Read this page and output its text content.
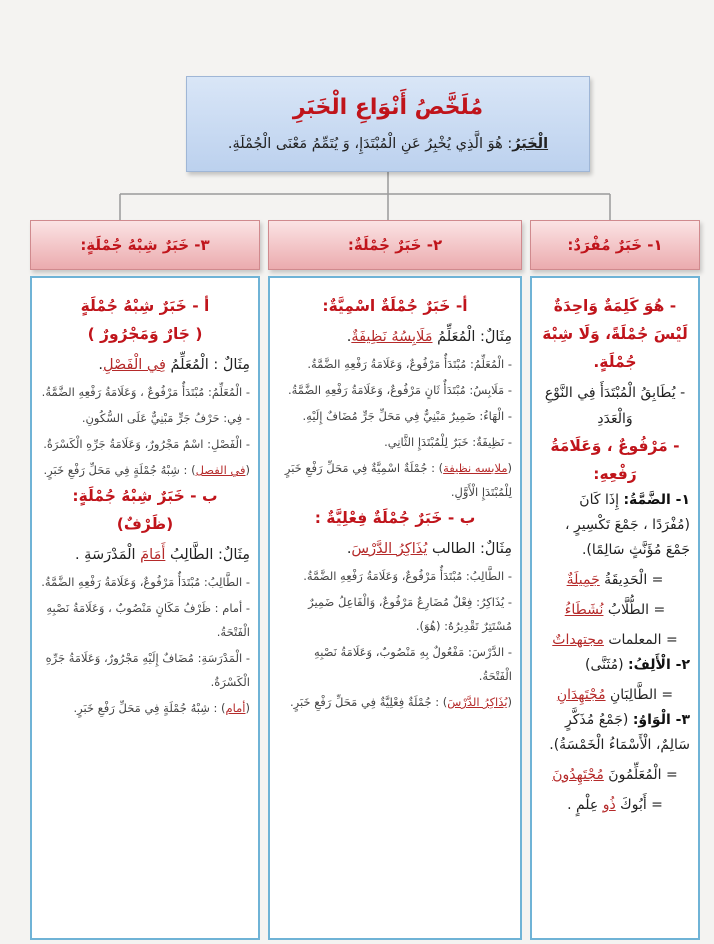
مُلَخَّصُ أَنْوَاعِ الْخَبَرِ
الْخَبَرُ: هُوَ الَّذِي يُخْبِرُ عَنِ الْمُبْتَدَإِ، وَ يُتَمِّمُ مَعْنَى الْجُمْلَةِ.
١- خَبَرٌ مُفْرَدٌ:
٢- خَبَرٌ جُمْلَةٌ:
٣- خَبَرٌ شِبْهُ جُمْلَةٍ:

- هُوَ كَلِمَةٌ وَاحِدَةٌ لَيْسَ جُمْلَةً، وَلَا شِبْهَ جُمْلَةٍ.

- يُطَابِقُ الْمُبْتَدَأَ فِي النَّوْعِ وَالْعَدَدِ

- مَرْفُوعٌ ، وَعَلَامَةُ رَفْعِهِ:

١- الضَّمَّةُ: إِذَا كَانَ (مُفْرَدًا ، جَمْعَ تَكْسِيرٍ ، جَمْعَ مُؤَنَّثٍ سَالِمًا).

= الْحَدِيقَةُ جَمِيلَةٌ

= الطُّلَّابُ نُشَطَاءُ

= المعلمات مجتهداتٌ

٢- الْأَلِفُ: (مُثَنَّى)

= الطَّالِبَانِ مُجْتَهِدَانِ

٣- الْوَاوُ: (جَمْعُ مُذَكَّرٍ سَالِمٌ، الْأَسْمَاءُ الْخَمْسَةُ).

= الْمُعَلِّمُونَ مُجْتَهِدُونَ

= أَبُوكَ ذُو عِلْمٍ .

أ- خَبَرٌ جُمْلَةٌ اسْمِيَّةٌ:

مِثَالٌ: الْمُعَلِّمُ مَلَابِسُهُ نَظِيفَةٌ.

- الْمُعَلِّمُ: مُبْتَدَأٌ مَرْفُوعٌ، وَعَلَامَةُ رَفْعِهِ الضَّمَّةُ.

- مَلَابِسُ: مُبْتَدَأٌ ثَانٍ مَرْفُوعٌ، وَعَلَامَةُ رَفْعِهِ الضَّمَّةُ.

- الْهَاءُ: ضَمِيرٌ مَبْنِيٌّ فِي مَحَلِّ جَرٍّ مُضَافٌ إِلَيْهِ.

- نَظِيفَةٌ: خَبَرٌ لِلْمُبْتَدَإِ الثَّانِي.

(ملابسه نظيفة) : جُمْلَةٌ اسْمِيَّةٌ فِي مَحَلِّ رَفْعِ خَبَرٍ لِلْمُبْتَدَإِ الْأَوَّلِ.

ب - خَبَرٌ جُمْلَةٌ فِعْلِيَّةٌ :

مِثَالٌ: الطالب يُذَاكِرُ الدَّرْسَ.

- الطَّالِبُ: مُبْتَدَأٌ مَرْفُوعٌ، وَعَلَامَةُ رَفْعِهِ الضَّمَّةُ.

- يُذَاكِرُ: فِعْلٌ مُضَارِعٌ مَرْفُوعٌ، وَالْفَاعِلُ ضَمِيرٌ مُسْتَتِرٌ تَقْدِيرُهُ: (هُوَ).

- الدَّرْسَ: مَفْعُولٌ بِهِ مَنْصُوبٌ، وَعَلَامَةُ نَصْبِهِ الْفَتْحَةُ.

(يُذَاكِرُ الدَّرْسَ) : جُمْلَةٌ فِعْلِيَّةٌ فِي مَحَلِّ رَفْعِ خَبَرٍ.

أ - خَبَرٌ شِبْهُ جُمْلَةٍ

( جَارٌ وَمَجْرُورٌ )

مِثَالٌ : الْمُعَلِّمُ فِي الْفَصْلِ.

- الْمُعَلِّمُ: مُبْتَدَأٌ مَرْفُوعٌ ، وَعَلَامَةُ رَفْعِهِ الضَّمَّةُ.

- فِي: حَرْفُ جَرٍّ مَبْنِيٌّ عَلَى السُّكُونِ.

- الْفَصْلِ: اسْمٌ مَجْرُورٌ، وَعَلَامَةُ جَرِّهِ الْكَسْرَةُ.

(في الفصل) : شِبْهُ جُمْلَةٍ فِي مَحَلِّ رَفْعِ خَبَرٍ.

ب - خَبَرٌ شِبْهُ جُمْلَةٍ:

(ظَرْفٌ)

مِثَالٌ: الطَّالِبُ أَمَامَ الْمَدْرَسَةِ .

- الطَّالِبُ: مُبْتَدَأٌ مَرْفُوعٌ، وَعَلَامَةُ رَفْعِهِ الضَّمَّةُ.

- أمام : ظَرْفُ مَكَانٍ مَنْصُوبٌ ، وَعَلَامَةُ نَصْبِهِ الْفَتْحَةُ.

- الْمَدْرَسَةِ: مُضَافٌ إِلَيْهِ مَجْرُورٌ، وَعَلَامَةُ جَرِّهِ الْكَسْرَةُ.

(أمام) : شِبْهُ جُمْلَةٍ فِي مَحَلِّ رَفْعِ خَبَرٍ.
